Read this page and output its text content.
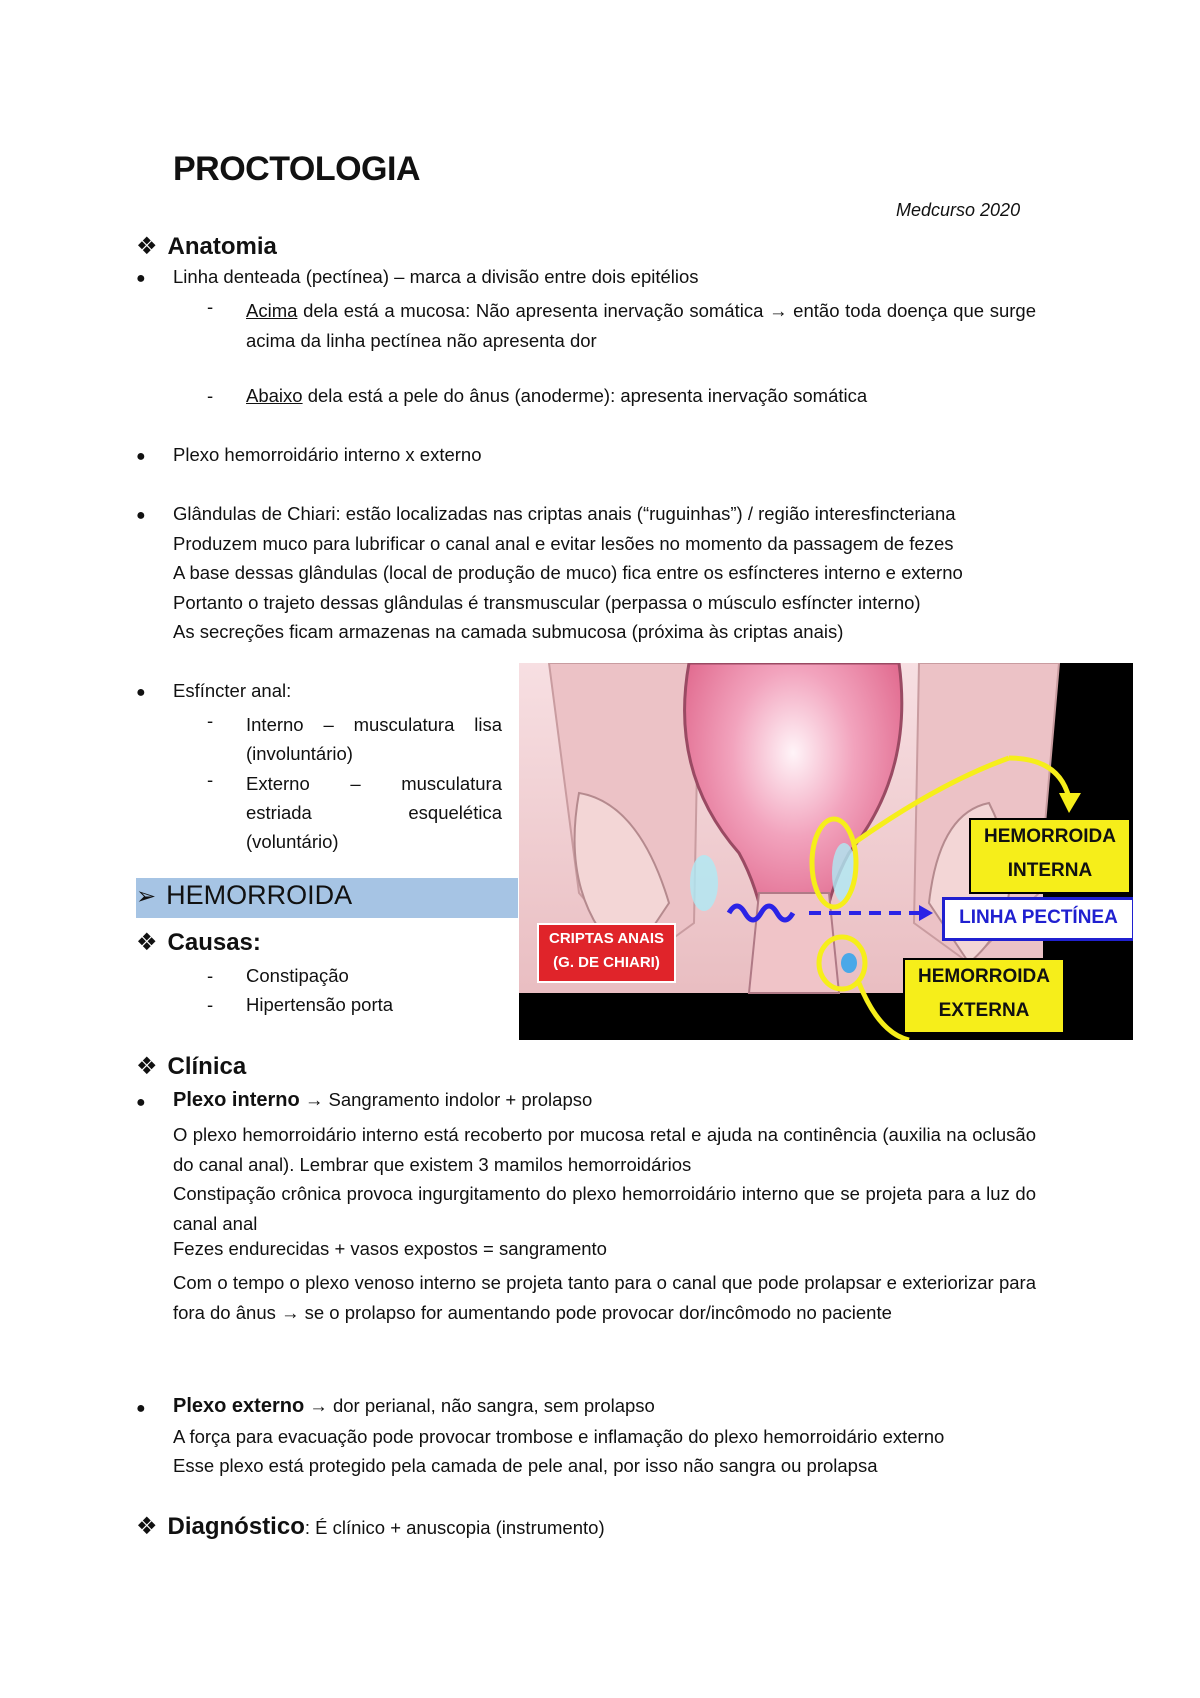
PROCTOLOGIA
Medcurso 2020
❖ Anatomia
● Linha denteada (pectínea) – marca a divisão entre dois epitélios
- Acima dela está a mucosa: Não apresenta inervação somática → então toda doença que surge acima da linha pectínea não apresenta dor
- Abaixo dela está a pele do ânus (anoderme): apresenta inervação somática
● Plexo hemorroidário interno x externo
● Glândulas de Chiari: estão localizadas nas criptas anais (“ruguinhas”) / região interesfincteriana
Produzem muco para lubrificar o canal anal e evitar lesões no momento da passagem de fezes
A base dessas glândulas (local de produção de muco) fica entre os esfíncteres interno e externo
Portanto o trajeto dessas glândulas é transmuscular (perpassa o músculo esfíncter interno)
As secreções ficam armazenas na camada submucosa (próxima às criptas anais)
● Esfíncter anal:
- Interno – musculatura lisa (involuntário)
- Externo – musculatura estriada esquelética (voluntário)
➢ HEMORROIDA
❖ Causas:
- Constipação
- Hipertensão porta
HEMORROIDA
INTERNA
LINHA PECTÍNEA
CRIPTAS ANAIS
(G. DE CHIARI)
HEMORROIDA
EXTERNA
❖ Clínica
● Plexo interno → Sangramento indolor + prolapso
O plexo hemorroidário interno está recoberto por mucosa retal e ajuda na continência (auxilia na oclusão do canal anal). Lembrar que existem 3 mamilos hemorroidários
Constipação crônica provoca ingurgitamento do plexo hemorroidário interno que se projeta para a luz do canal anal
Fezes endurecidas + vasos expostos = sangramento
Com o tempo o plexo venoso interno se projeta tanto para o canal que pode prolapsar e exteriorizar para fora do ânus → se o prolapso for aumentando pode provocar dor/incômodo no paciente
● Plexo externo → dor perianal, não sangra, sem prolapso
A força para evacuação pode provocar trombose e inflamação do plexo hemorroidário externo
Esse plexo está protegido pela camada de pele anal, por isso não sangra ou prolapsa
❖ Diagnóstico: É clínico + anuscopia (instrumento)
